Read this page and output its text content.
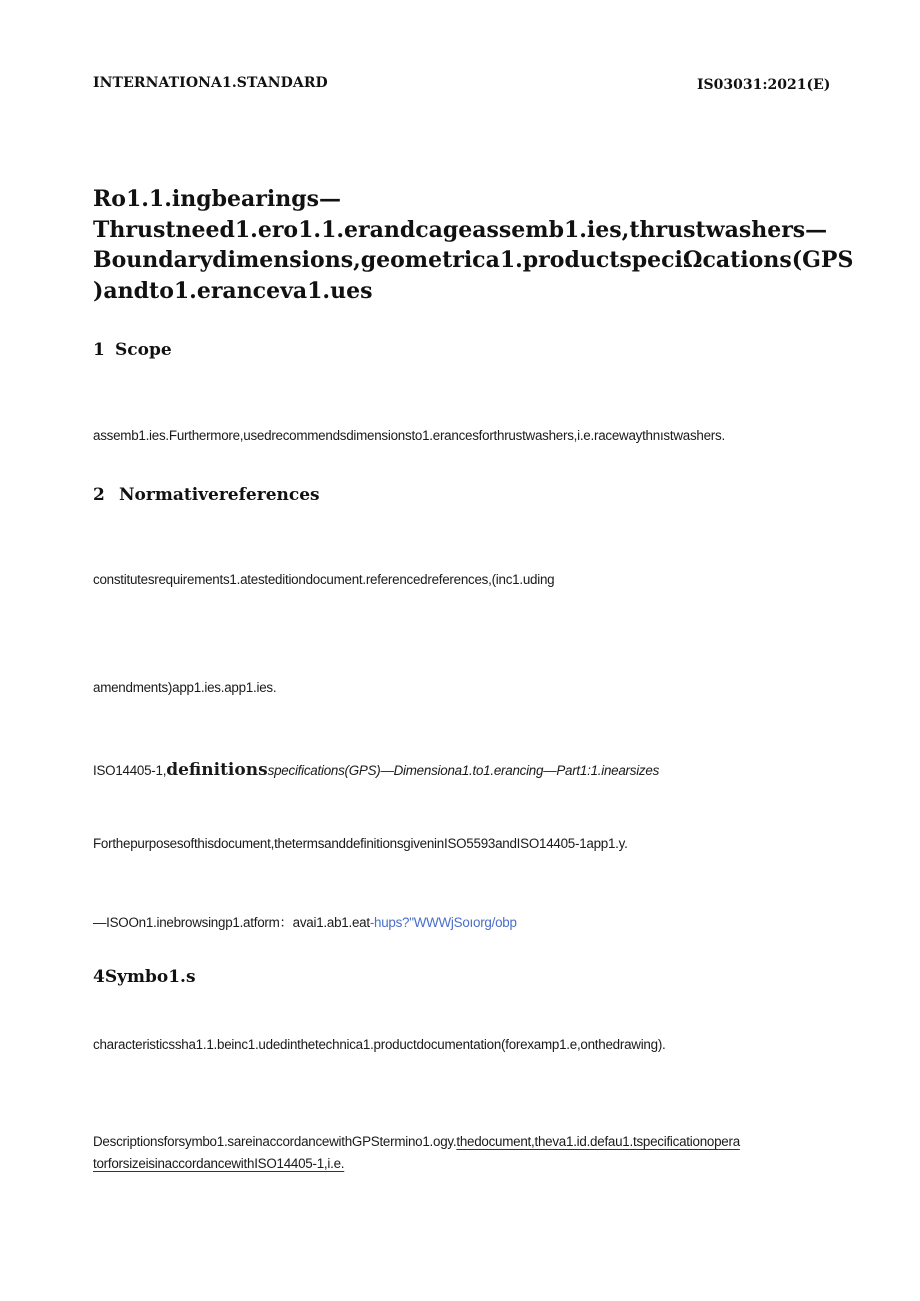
INTERNATIONA1.STANDARD	IS03031:2021(E)
Ro1.1.ingbearings—
Thrustneed1.ero1.1.erandcageassemb1.ies,thrustwashers—
Boundarydimensions,geometrica1.productspeciΩcations(GPS
)andto1.eranceva1.ues
1 Scope
assemb1.ies.Furthermore,usedrecommendsdimensionsto1.erancesforthrustwashers,i.e.racewaythnıstwashers.
2 Normativereferences
constitutesrequirements1.atesteditiondocument.referencedreferences,(inc1.uding
amendments)app1.ies.app1.ies.
ISO14405-1,definitionsspecifications(GPS)—Dimensiona1.to1.erancing—Part1:1.inearsizes
Forthepurposesofthisdocument,thetermsanddefinitionsgiveninISO5593andISO14405-1app1.y.
—ISOOn1.inebrowsingp1.atform：avai1.ab1.eat-hups?"WWWjSoıorg/obp
4Symbo1.s
characteristicssha1.1.beinc1.udedinthetechnica1.productdocumentation(forexamp1.e,onthedrawing).
Descriptionsforsymbo1.sareinaccordancewithGPStermino1.ogy.thedocument,theva1.id.defau1.tspecificationopera
torforsizeisinaccordancewithISO14405-1,i.e.
